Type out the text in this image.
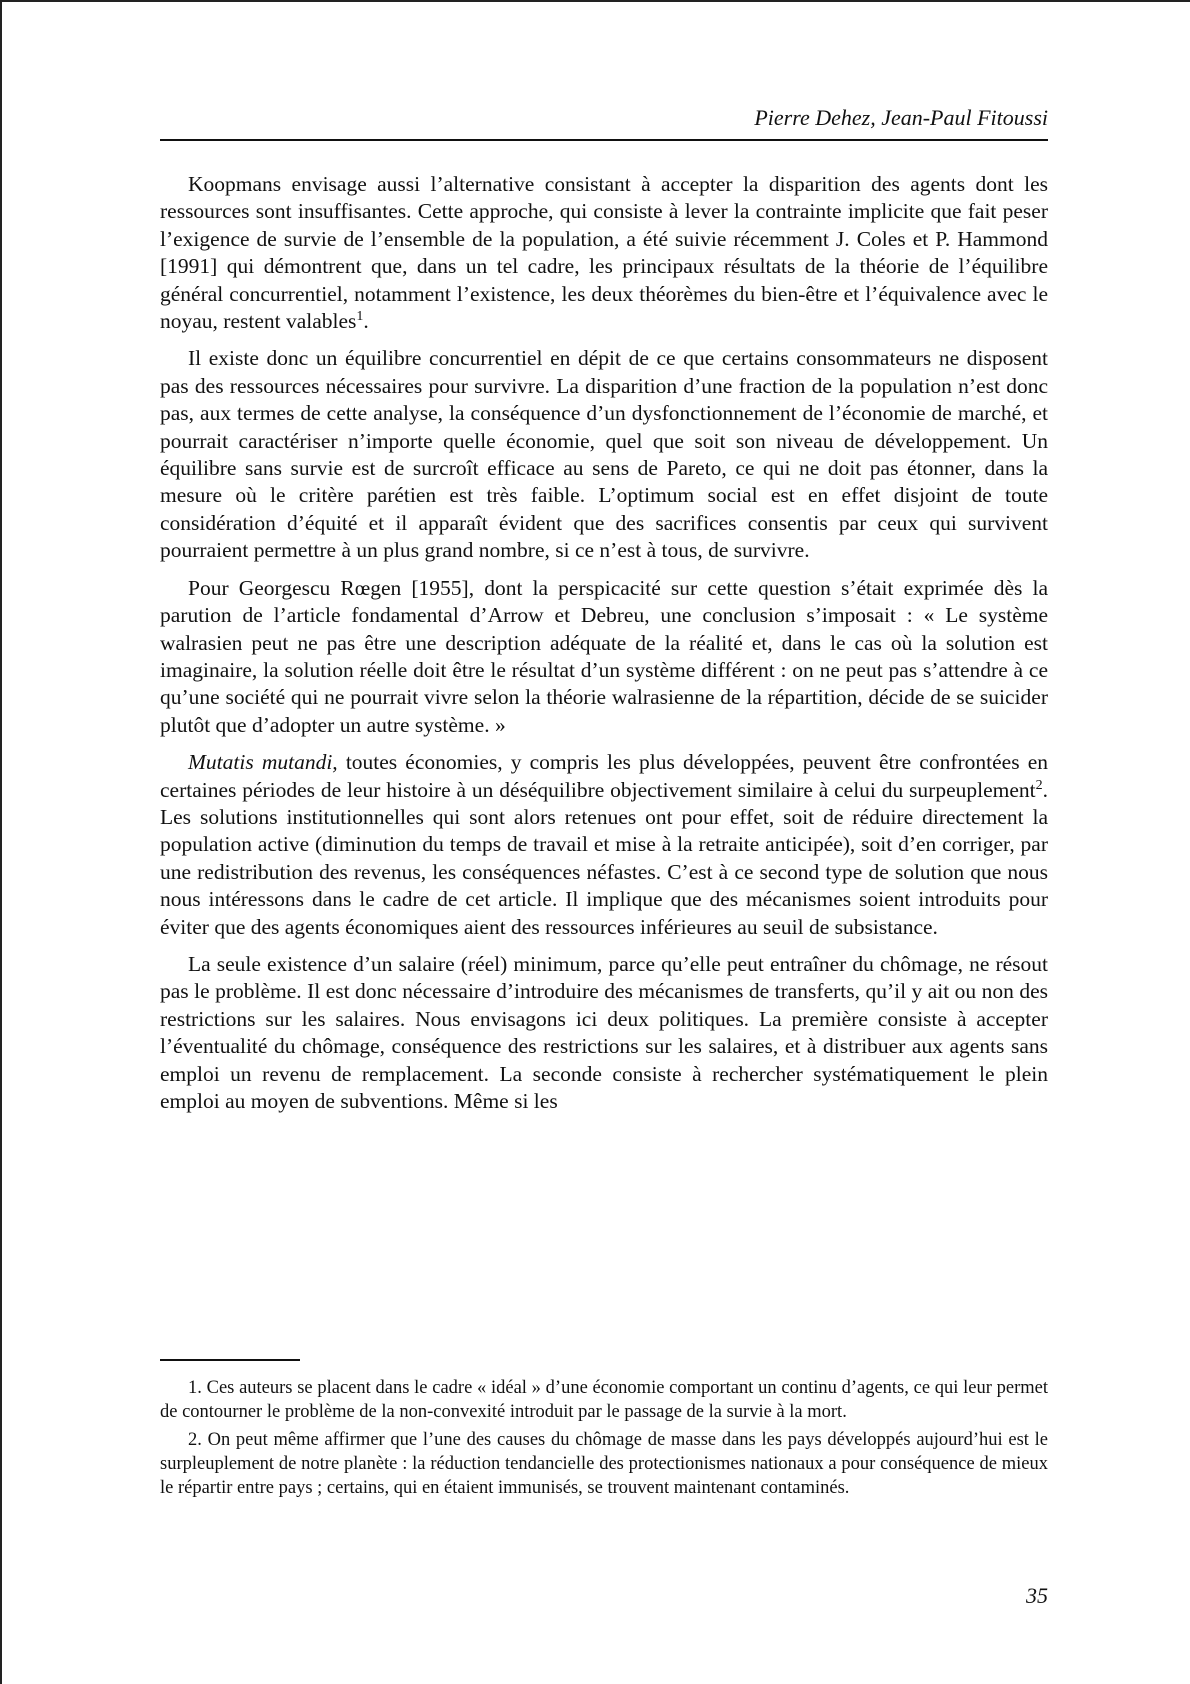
Pierre Dehez, Jean-Paul Fitoussi

Koopmans envisage aussi l’alternative consistant à accepter la disparition des agents dont les ressources sont insuffisantes. Cette approche, qui consiste à lever la contrainte implicite que fait peser l’exigence de survie de l’ensemble de la population, a été suivie récemment J. Coles et P. Hammond [1991] qui démontrent que, dans un tel cadre, les principaux résultats de la théorie de l’équilibre général concurrentiel, notamment l’existence, les deux théorèmes du bien-être et l’équivalence avec le noyau, restent valables$^1$.

Il existe donc un équilibre concurrentiel en dépit de ce que certains consommateurs ne disposent pas des ressources nécessaires pour survivre. La disparition d’une fraction de la population n’est donc pas, aux termes de cette analyse, la conséquence d’un dysfonctionnement de l’économie de marché, et pourrait caractériser n’importe quelle économie, quel que soit son niveau de développement. Un équilibre sans survie est de surcroît efficace au sens de Pareto, ce qui ne doit pas étonner, dans la mesure où le critère parétien est très faible. L’optimum social est en effet disjoint de toute considération d’équité et il apparaît évident que des sacrifices consentis par ceux qui survivent pourraient permettre à un plus grand nombre, si ce n’est à tous, de survivre.

Pour Georgescu Rœgen [1955], dont la perspicacité sur cette question s’était exprimée dès la parution de l’article fondamental d’Arrow et Debreu, une conclusion s’imposait : « Le système walrasien peut ne pas être une description adéquate de la réalité et, dans le cas où la solution est imaginaire, la solution réelle doit être le résultat d’un système différent : on ne peut pas s’attendre à ce qu’une société qui ne pourrait vivre selon la théorie walrasienne de la répartition, décide de se suicider plutôt que d’adopter un autre système. »

Mutatis mutandi, toutes économies, y compris les plus développées, peuvent être confrontées en certaines périodes de leur histoire à un déséquilibre objectivement similaire à celui du surpeuplement$^2$. Les solutions institutionnelles qui sont alors retenues ont pour effet, soit de réduire directement la population active (diminution du temps de travail et mise à la retraite anticipée), soit d’en corriger, par une redistribution des revenus, les conséquences néfastes. C’est à ce second type de solution que nous nous intéressons dans le cadre de cet article. Il implique que des mécanismes soient introduits pour éviter que des agents économiques aient des ressources inférieures au seuil de subsistance.

La seule existence d’un salaire (réel) minimum, parce qu’elle peut entraîner du chômage, ne résout pas le problème. Il est donc nécessaire d’introduire des mécanismes de transferts, qu’il y ait ou non des restrictions sur les salaires. Nous envisagons ici deux politiques. La première consiste à accepter l’éventualité du chômage, conséquence des restrictions sur les salaires, et à distribuer aux agents sans emploi un revenu de remplacement. La seconde consiste à rechercher systématiquement le plein emploi au moyen de subventions. Même si les

1. Ces auteurs se placent dans le cadre « idéal » d’une économie comportant un continu d’agents, ce qui leur permet de contourner le problème de la non-convexité introduit par le passage de la survie à la mort.

2. On peut même affirmer que l’une des causes du chômage de masse dans les pays développés aujourd’hui est le surpleuplement de notre planète : la réduction tendancielle des protectionismes nationaux a pour conséquence de mieux le répartir entre pays ; certains, qui en étaient immunisés, se trouvent maintenant contaminés.

35
